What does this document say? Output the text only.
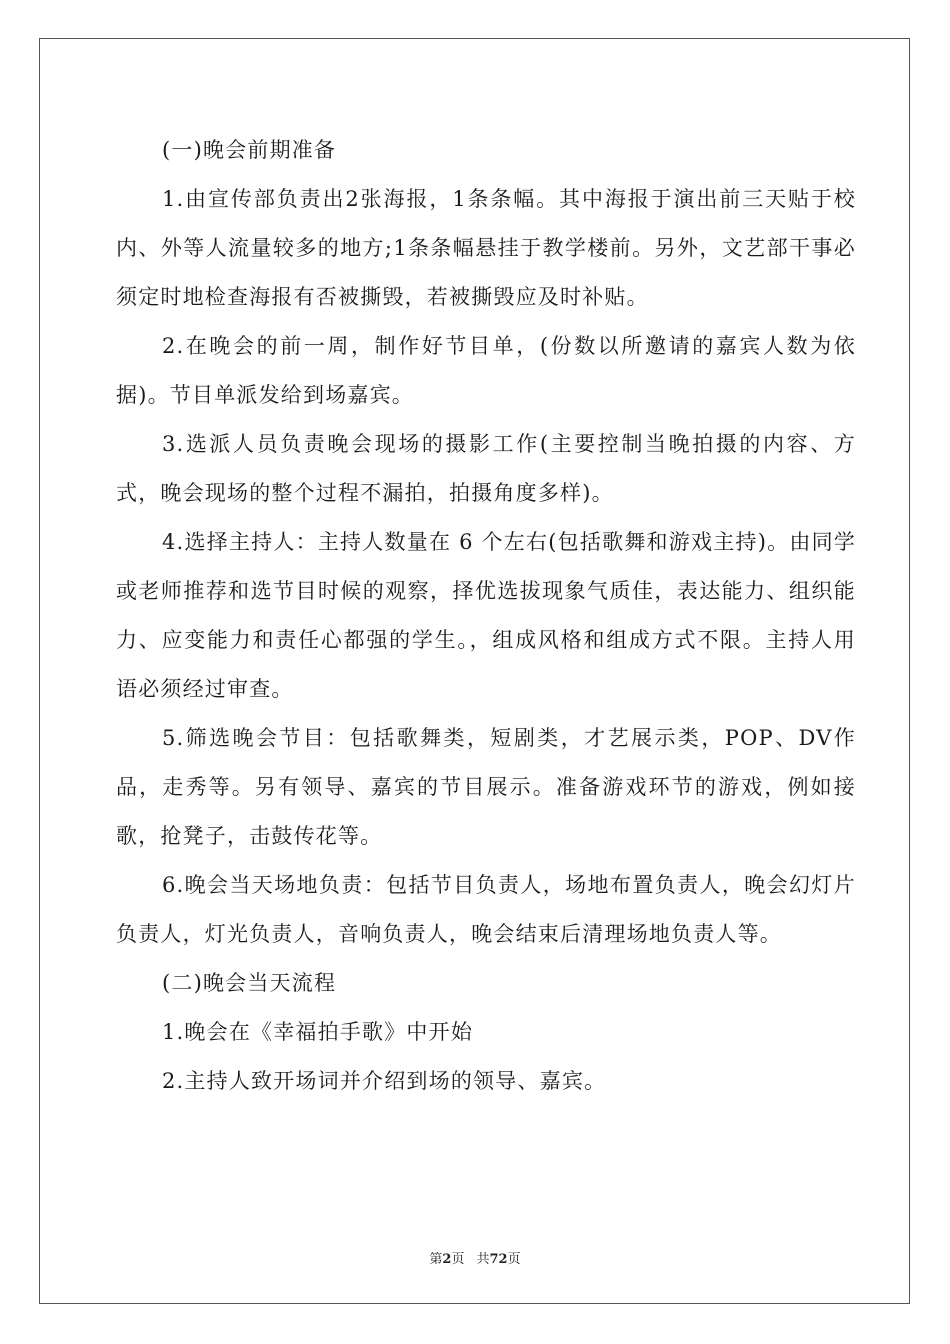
(一)晚会前期准备

1.由宣传部负责出2张海报，1条条幅。其中海报于演出前三天贴于校内、外等人流量较多的地方;1条条幅悬挂于教学楼前。另外，文艺部干事必须定时地检查海报有否被撕毁，若被撕毁应及时补贴。

2.在晚会的前一周，制作好节目单，(份数以所邀请的嘉宾人数为依据)。节目单派发给到场嘉宾。

3.选派人员负责晚会现场的摄影工作(主要控制当晚拍摄的内容、方式，晚会现场的整个过程不漏拍，拍摄角度多样)。

4.选择主持人：主持人数量在 6 个左右(包括歌舞和游戏主持)。由同学或老师推荐和选节目时候的观察，择优选拔现象气质佳，表达能力、组织能力、应变能力和责任心都强的学生。，组成风格和组成方式不限。主持人用语必须经过审查。

5.筛选晚会节目：包括歌舞类，短剧类，才艺展示类，POP、DV作品，走秀等。另有领导、嘉宾的节目展示。准备游戏环节的游戏，例如接歌，抢凳子，击鼓传花等。

6.晚会当天场地负责：包括节目负责人，场地布置负责人，晚会幻灯片负责人，灯光负责人，音响负责人，晚会结束后清理场地负责人等。

(二)晚会当天流程

1.晚会在《幸福拍手歌》中开始

2.主持人致开场词并介绍到场的领导、嘉宾。

第2页 共72页
